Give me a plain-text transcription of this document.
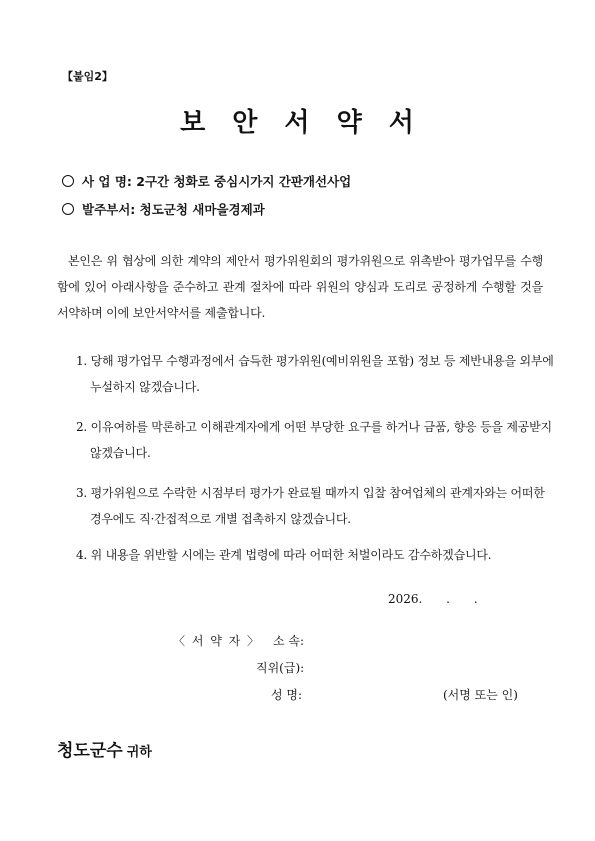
【붙임2】
보 안 서 약 서
사 업 명: 2구간 청화로 중심시가지 간판개선사업
발주부서: 청도군청 새마을경제과
본인은 위 협상에 의한 계약의 제안서 평가위원회의 평가위원으로 위촉받아 평가업무를 수행함에 있어 아래사항을 준수하고 관계 절차에 따라 위원의 양심과 도리로 공정하게 수행할 것을 서약하며 이에 보안서약서를 제출합니다.
1. 당해 평가업무 수행과정에서 습득한 평가위원(예비위원을 포함) 정보 등 제반내용을 외부에 누설하지 않겠습니다.
2. 이유여하를 막론하고 이해관계자에게 어떤 부당한 요구를 하거나 금품, 향응 등을 제공받지 않겠습니다.
3. 평가위원으로 수락한 시점부터 평가가 완료될 때까지 입찰 참여업체의 관계자와는 어떠한 경우에도 직·간접적으로 개별 접촉하지 않겠습니다.
4. 위 내용을 위반할 시에는 관계 법령에 따라 어떠한 처벌이라도 감수하겠습니다.
2026. . .
〈 서 약 자 〉 소 속:
직위(급):
성 명:	(서명 또는 인)
청도군수 귀하
